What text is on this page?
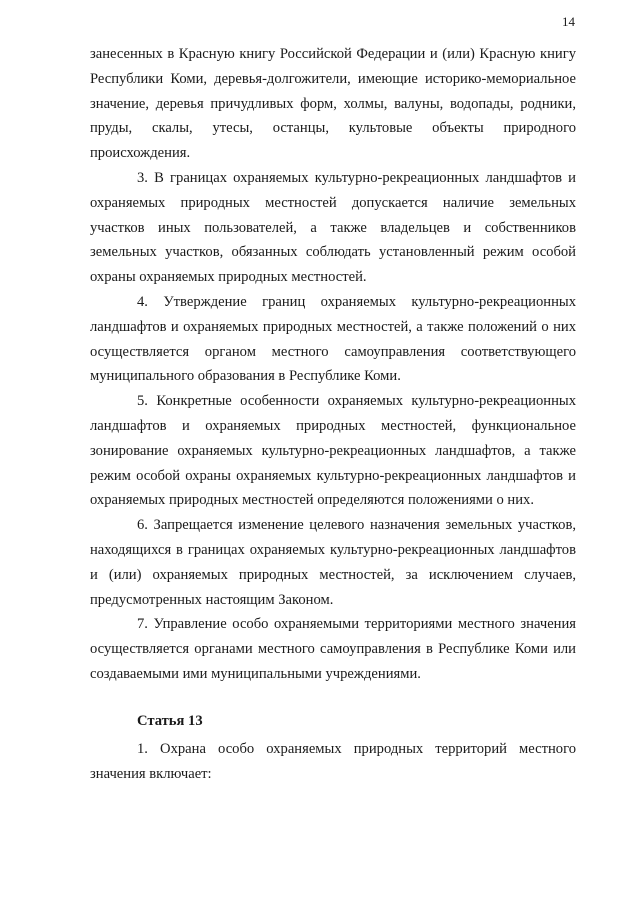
14

занесенных в Красную книгу Российской Федерации и (или) Красную книгу Республики Коми, деревья-долгожители, имеющие историко-мемориальное значение, деревья причудливых форм, холмы, валуны, водопады, родники, пруды, скалы, утесы, останцы, культовые объекты природного происхождения.

3. В границах охраняемых культурно-рекреационных ландшафтов и охраняемых природных местностей допускается наличие земельных участков иных пользователей, а также владельцев и собственников земельных участков, обязанных соблюдать установленный режим особой охраны охраняемых природных местностей.

4. Утверждение границ охраняемых культурно-рекреационных ландшафтов и охраняемых природных местностей, а также положений о них осуществляется органом местного самоуправления соответствующего муниципального образования в Республике Коми.

5. Конкретные особенности охраняемых культурно-рекреационных ландшафтов и охраняемых природных местностей, функциональное зонирование охраняемых культурно-рекреационных ландшафтов, а также режим особой охраны охраняемых культурно-рекреационных ландшафтов и охраняемых природных местностей определяются положениями о них.

6. Запрещается изменение целевого назначения земельных участков, находящихся в границах охраняемых культурно-рекреационных ландшафтов и (или) охраняемых природных местностей, за исключением случаев, предусмотренных настоящим Законом.

7. Управление особо охраняемыми территориями местного значения осуществляется органами местного самоуправления в Республике Коми или создаваемыми ими муниципальными учреждениями.

Статья 13

1. Охрана особо охраняемых природных территорий местного значения включает:
